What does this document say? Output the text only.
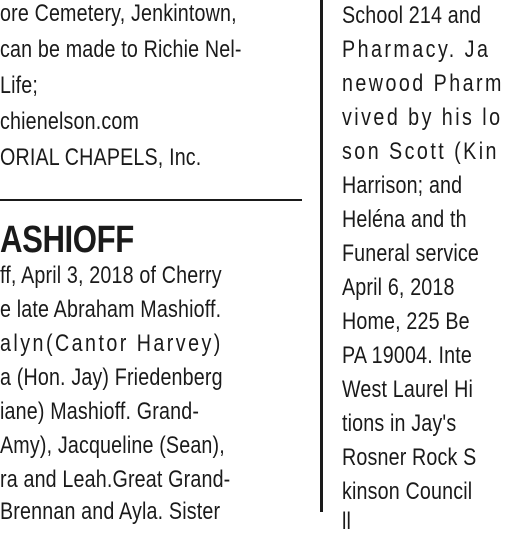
ore Cemetery, Jenkintown,
can be made to Richie Nel-
Life;
chienelson.com
ORIAL CHAPELS, Inc.
ASHIOFF
ff, April 3, 2018 of Cherry
e late Abraham Mashioff.
alyn(Cantor Harvey)
a (Hon. Jay) Friedenberg
iane) Mashioff. Grand-
Amy), Jacqueline (Sean),
ra and Leah.Great Grand-
Brennan and Ayla. Sister
School 214 and
Pharmacy. Ja
newood Pharm
vived by his lo
son Scott (Kin
Harrison; and
Heléna and th
Funeral service
April 6, 2018
Home, 225 Be
PA 19004. Inte
West Laurel Hi
tions in Jay's
Rosner Rock S
kinson Council
ll
